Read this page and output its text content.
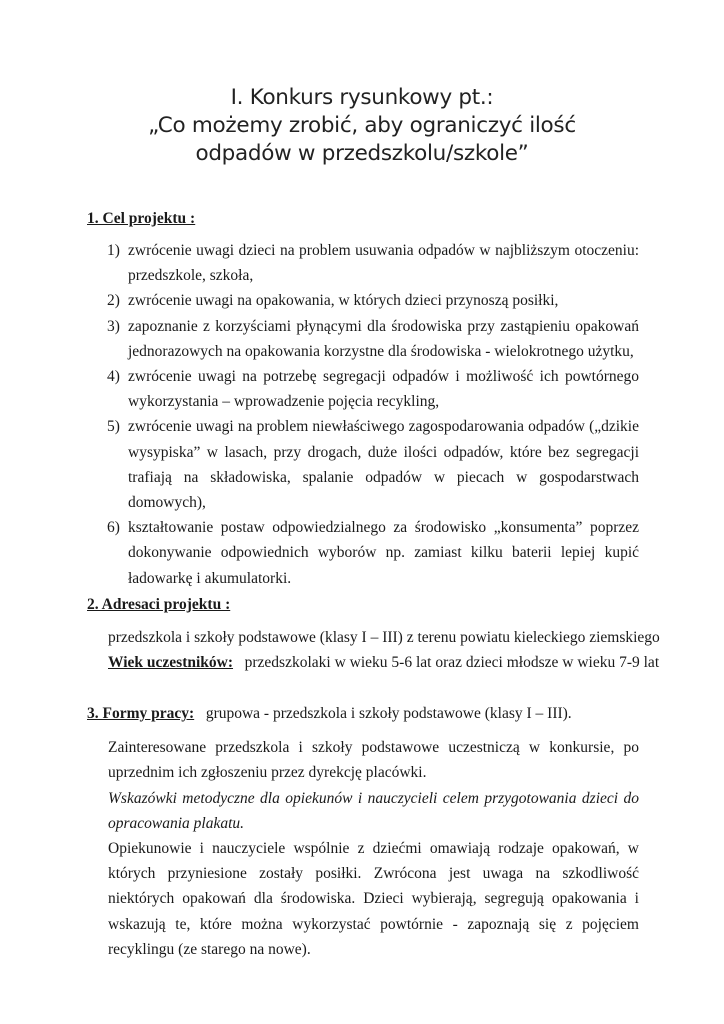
I. Konkurs rysunkowy pt.:
„Co możemy zrobić, aby ograniczyć ilość
odpadów w przedszkolu/szkole”
1. Cel projektu :
1) zwrócenie uwagi dzieci na problem usuwania odpadów w najbliższym otoczeniu: przedszkole, szkoła,
2) zwrócenie uwagi na opakowania, w których dzieci przynoszą posiłki,
3) zapoznanie z korzyściami płynącymi dla środowiska przy zastąpieniu opakowań jednorazowych na opakowania korzystne dla środowiska - wielokrotnego użytku,
4) zwrócenie uwagi na potrzebę segregacji odpadów i możliwość ich powtórnego wykorzystania – wprowadzenie pojęcia recykling,
5) zwrócenie uwagi na problem niewłaściwego zagospodarowania odpadów („dzikie wysypiska” w lasach, przy drogach, duże ilości odpadów, które bez segregacji trafiają na składowiska, spalanie odpadów w piecach w gospodarstwach domowych),
6) kształtowanie postaw odpowiedzialnego za środowisko „konsumenta” poprzez dokonywanie odpowiednich wyborów np. zamiast kilku baterii lepiej kupić ładowarkę i akumulatorki.
2. Adresaci projektu :
przedszkola i szkoły podstawowe (klasy I – III) z terenu powiatu kieleckiego ziemskiego
Wiek uczestników: przedszkolaki w wieku 5-6 lat oraz dzieci młodsze w wieku 7-9 lat
3. Formy pracy: grupowa - przedszkola i szkoły podstawowe (klasy I – III).
Zainteresowane przedszkola i szkoły podstawowe uczestniczą w konkursie, po uprzednim ich zgłoszeniu przez dyrekcję placówki.
Wskazówki metodyczne dla opiekunów i nauczycieli celem przygotowania dzieci do opracowania plakatu.
Opiekunowie i nauczyciele wspólnie z dziećmi omawiają rodzaje opakowań, w których przyniesione zostały posiłki. Zwrócona jest uwaga na szkodliwość niektórych opakowań dla środowiska. Dzieci wybierają, segregują opakowania i wskazują te, które można wykorzystać powtórnie - zapoznają się z pojęciem recyklingu (ze starego na nowe).
